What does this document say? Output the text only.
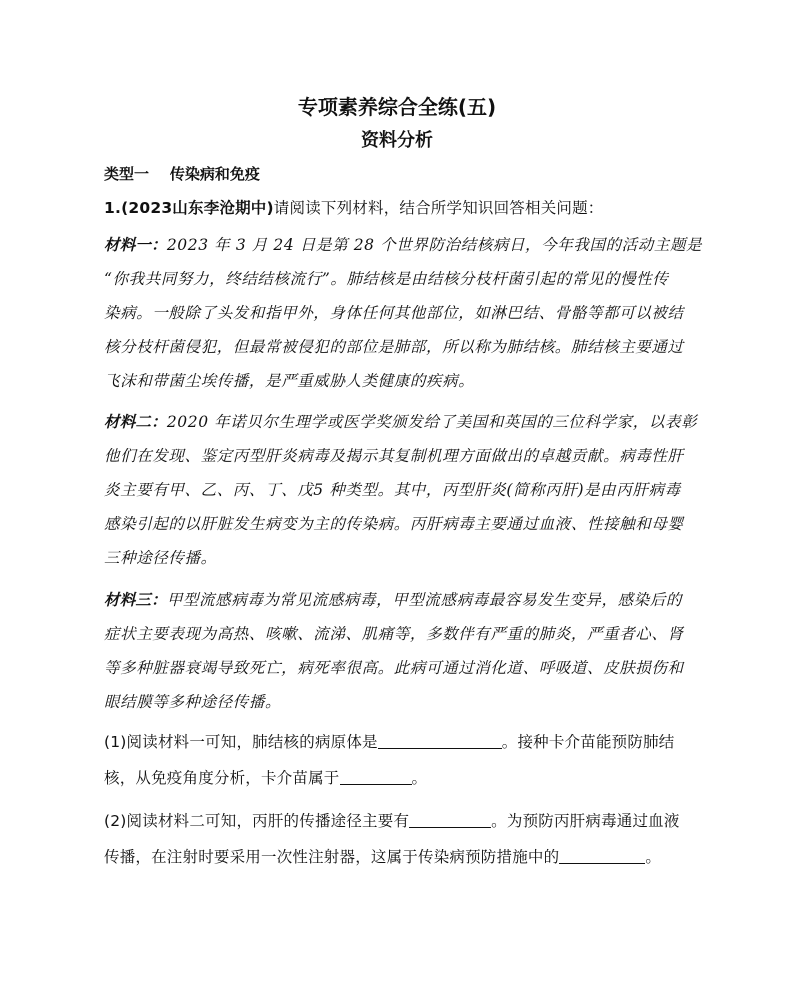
专项素养综合全练(五)
资料分析
类型一    传染病和免疫
1.(2023山东李沧期中)请阅读下列材料，结合所学知识回答相关问题：
材料一：2023 年 3 月 24 日是第 28 个世界防治结核病日，今年我国的活动主题是
“你我共同努力，终结结核流行”。肺结核是由结核分枝杆菌引起的常见的慢性传
染病。一般除了头发和指甲外，身体任何其他部位，如淋巴结、骨骼等都可以被结
核分枝杆菌侵犯，但最常被侵犯的部位是肺部，所以称为肺结核。肺结核主要通过
飞沫和带菌尘埃传播，是严重威胁人类健康的疾病。
材料二：2020 年诺贝尔生理学或医学奖颁发给了美国和英国的三位科学家，以表彰
他们在发现、鉴定丙型肝炎病毒及揭示其复制机理方面做出的卓越贡献。病毒性肝
炎主要有甲、乙、丙、丁、戊5 种类型。其中，丙型肝炎(简称丙肝)是由丙肝病毒
感染引起的以肝脏发生病变为主的传染病。丙肝病毒主要通过血液、性接触和母婴
三种途径传播。
材料三：甲型流感病毒为常见流感病毒，甲型流感病毒最容易发生变异，感染后的
症状主要表现为高热、咳嗽、流涕、肌痛等，多数伴有严重的肺炎，严重者心、肾
等多种脏器衰竭导致死亡，病死率很高。此病可通过消化道、呼吸道、皮肤损伤和
眼结膜等多种途径传播。
(1)阅读材料一可知，肺结核的病原体是	。接种卡介苗能预防肺结
核，从免疫角度分析，卡介苗属于	。
(2)阅读材料二可知，丙肝的传播途径主要有	。为预防丙肝病毒通过血液
传播，在注射时要采用一次性注射器，这属于传染病预防措施中的	。
